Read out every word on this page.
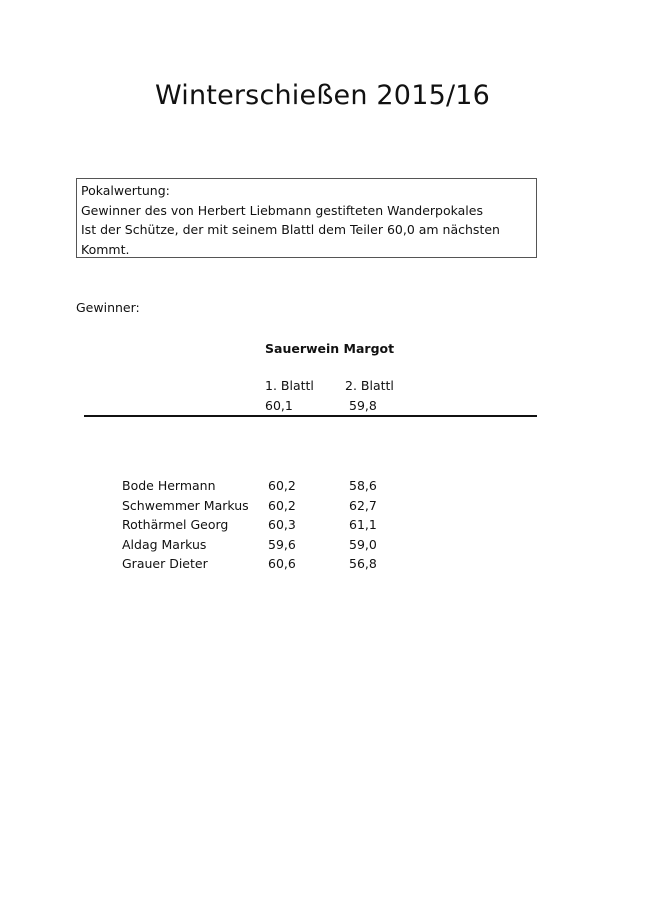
Winterschießen 2015/16
Pokalwertung:
Gewinner des von Herbert Liebmann gestifteten Wanderpokales
Ist der Schütze, der mit seinem Blattl dem Teiler 60,0 am nächsten
Kommt.
Gewinner:
Sauerwein Margot
1. Blattl 2. Blattl
60,1	59,8
Bode Hermann	60,2	58,6
Schwemmer Markus 60,2	62,7
Rothärmel Georg	60,3	61,1
Aldag Markus	59,6	59,0
Grauer Dieter	60,6	56,8
